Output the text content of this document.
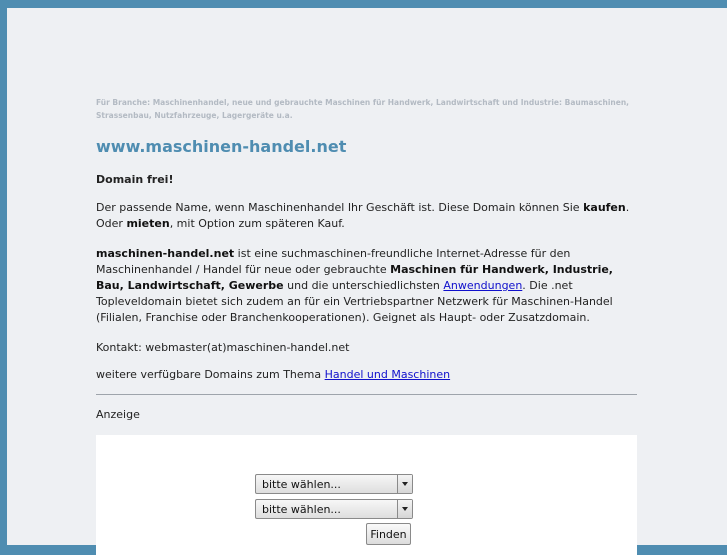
Für Branche: Maschinenhandel, neue und gebrauchte Maschinen für Handwerk, Landwirtschaft und Industrie: Baumaschinen, Strassenbau, Nutzfahrzeuge, Lagergeräte u.a.
www.maschinen-handel.net

Domain frei!

Der passende Name, wenn Maschinenhandel Ihr Geschäft ist. Diese Domain können Sie kaufen. Oder mieten, mit Option zum späteren Kauf.

maschinen-handel.net ist eine suchmaschinen-freundliche Internet-Adresse für den Maschinenhandel / Handel für neue oder gebrauchte Maschinen für Handwerk, Industrie, Bau, Landwirtschaft, Gewerbe und die unterschiedlichsten Anwendungen. Die .net Topleveldomain bietet sich zudem an für ein Vertriebspartner Netzwerk für Maschinen-Handel (Filialen, Franchise oder Branchenkooperationen). Geignet als Haupt- oder Zusatzdomain.

Kontakt: webmaster(at)maschinen-handel.net

weitere verfügbare Domains zum Thema Handel und Maschinen

Anzeige

bitte wählen...
bitte wählen...
Finden
